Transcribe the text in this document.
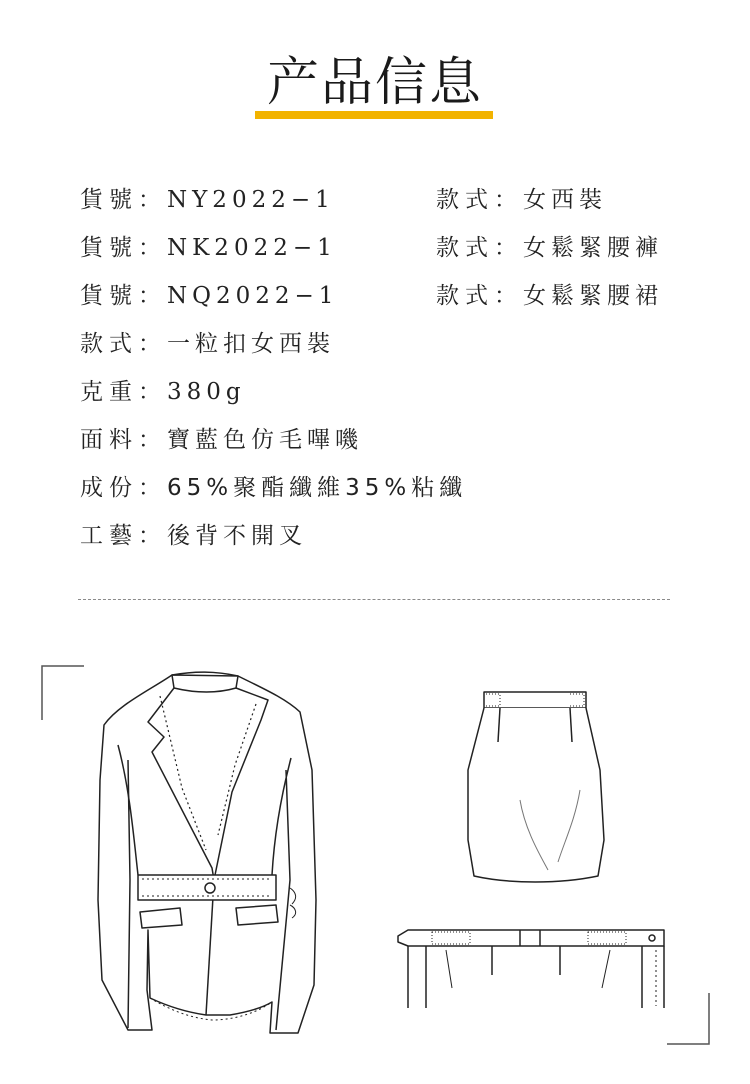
产品信息
貨號：NY2022−1
貨號：NK2022−1
貨號：NQ2022−1
款式：一粒扣女西裝
克重：380g
面料：寶藍色仿毛嗶嘰
成份：65%聚酯纖維35%粘纖
工藝：後背不開叉
款式：女西裝
款式：女鬆緊腰褲
款式：女鬆緊腰裙
